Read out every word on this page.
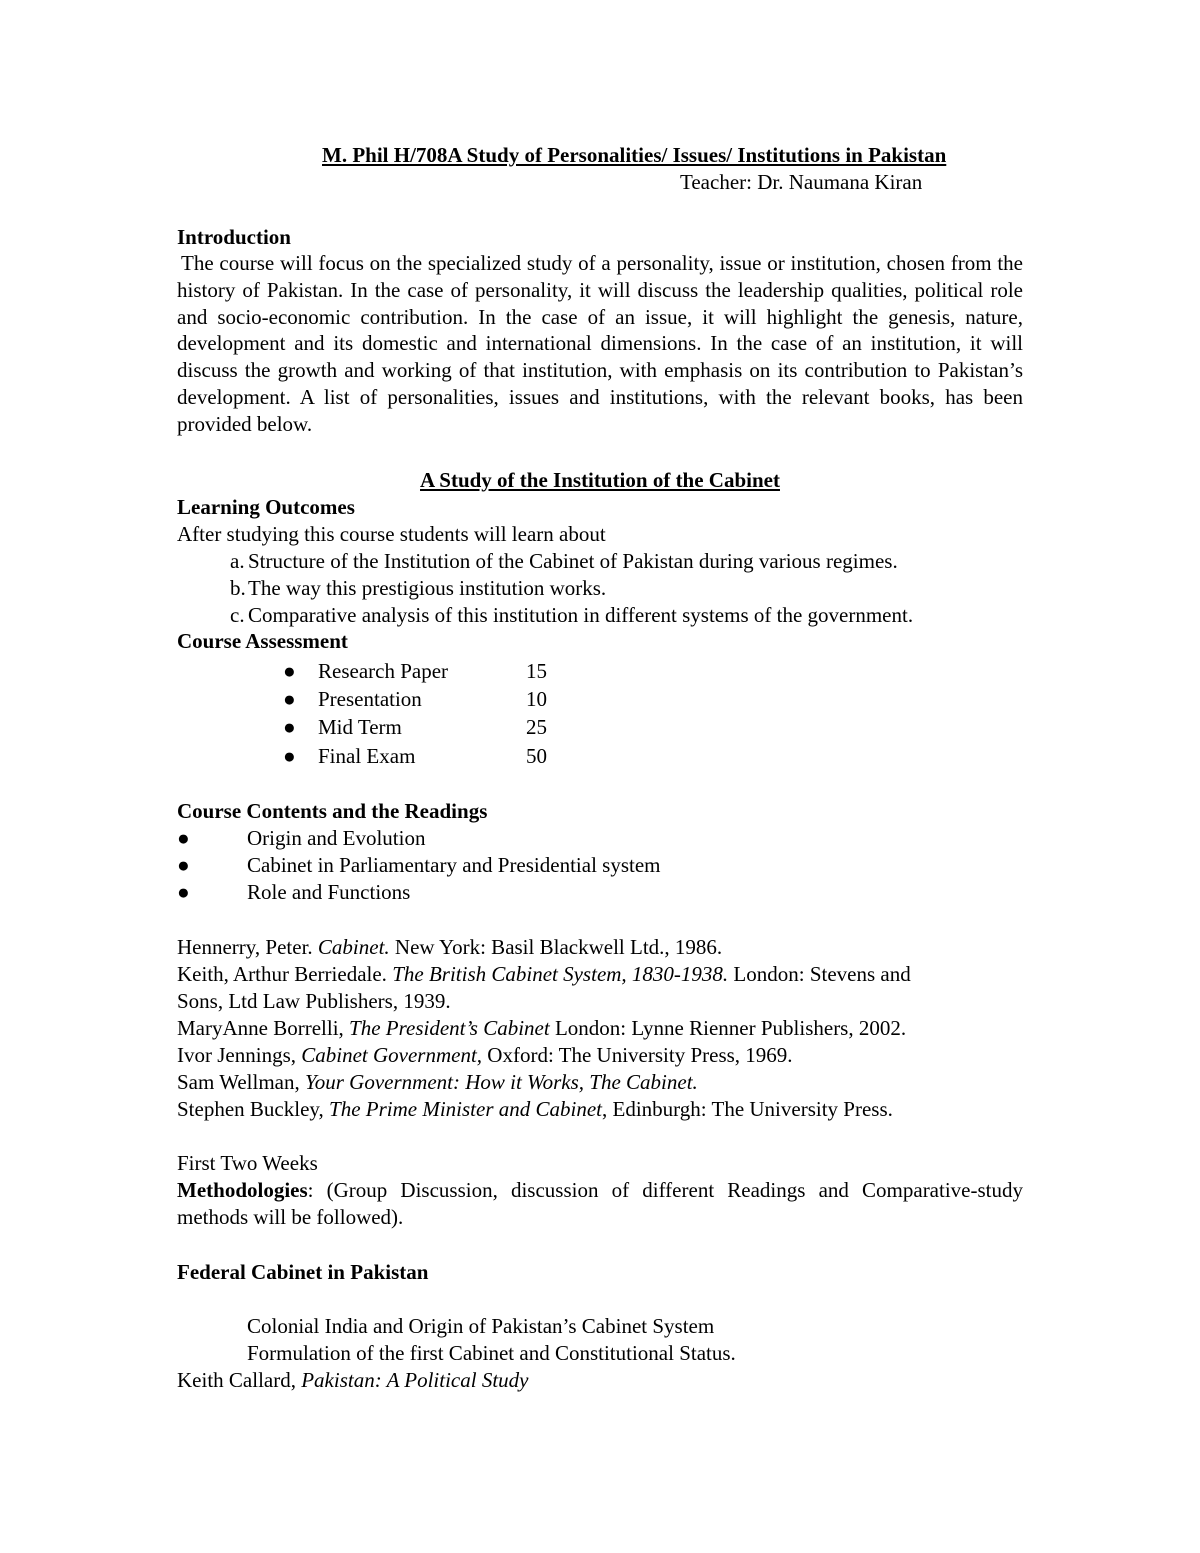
M. Phil H/708A Study of Personalities/ Issues/ Institutions in Pakistan
Teacher: Dr. Naumana Kiran
Introduction
The course will focus on the specialized study of a personality, issue or institution, chosen from the history of Pakistan. In the case of personality, it will discuss the leadership qualities, political role and socio-economic contribution. In the case of an issue, it will highlight the genesis, nature, development and its domestic and international dimensions. In the case of an institution, it will discuss the growth and working of that institution, with emphasis on its contribution to Pakistan’s development. A list of personalities, issues and institutions, with the relevant books, has been provided below.
A Study of the Institution of the Cabinet
Learning Outcomes
After studying this course students will learn about
a. Structure of the Institution of the Cabinet of Pakistan during various regimes.
b. The way this prestigious institution works.
c. Comparative analysis of this institution in different systems of the government.
Course Assessment
● Research Paper	15
● Presentation	10
● Mid Term	25
● Final Exam	50
Course Contents and the Readings
●	Origin and Evolution
●	Cabinet in Parliamentary and Presidential system
●	Role and Functions
Hennerry, Peter. Cabinet. New York: Basil Blackwell Ltd., 1986.
Keith, Arthur Berriedale. The British Cabinet System, 1830-1938. London: Stevens and
Sons, Ltd Law Publishers, 1939.
MaryAnne Borrelli, The President’s Cabinet London: Lynne Rienner Publishers, 2002.
Ivor Jennings, Cabinet Government, Oxford: The University Press, 1969.
Sam Wellman, Your Government: How it Works, The Cabinet.
Stephen Buckley, The Prime Minister and Cabinet, Edinburgh: The University Press.
First Two Weeks
Methodologies: (Group Discussion, discussion of different Readings and Comparative-study methods will be followed).
Federal Cabinet in Pakistan
Colonial India and Origin of Pakistan’s Cabinet System
Formulation of the first Cabinet and Constitutional Status.
Keith Callard, Pakistan: A Political Study
